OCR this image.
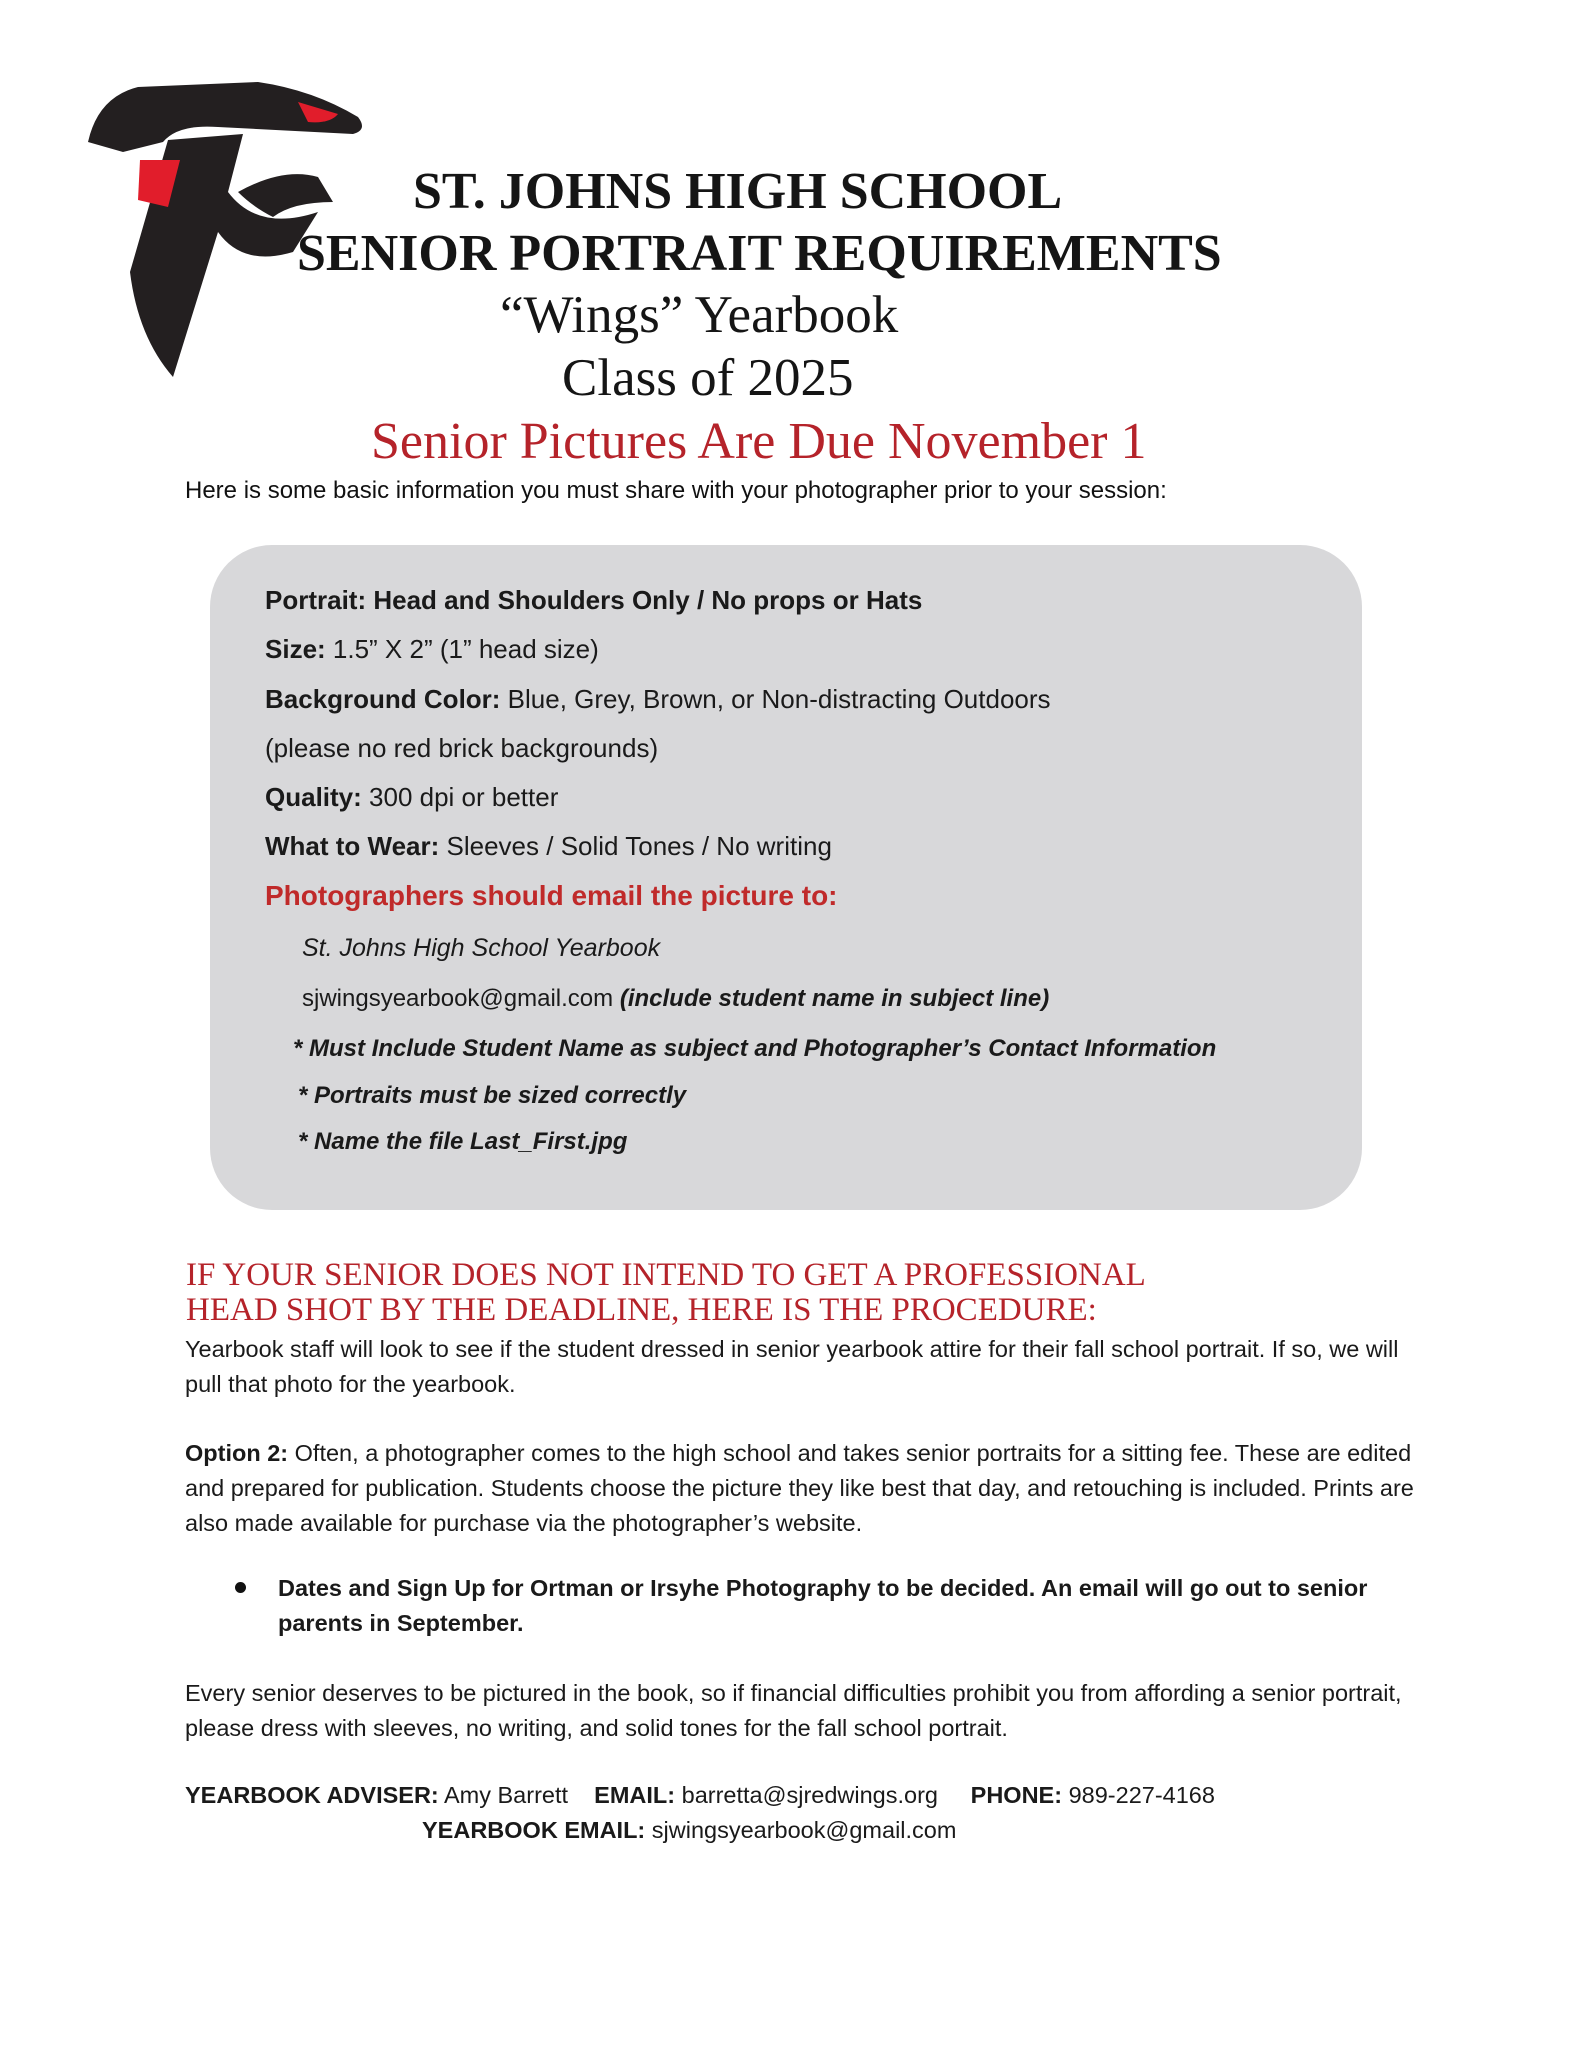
ST. JOHNS HIGH SCHOOL
SENIOR PORTRAIT REQUIREMENTS
“Wings” Yearbook
Class of 2025
Senior Pictures Are Due November 1
Here is some basic information you must share with your photographer prior to your session:
Portrait: Head and Shoulders Only / No props or Hats
Size: 1.5” X 2” (1” head size)
Background Color: Blue, Grey, Brown, or Non-distracting Outdoors
(please no red brick backgrounds)
Quality: 300 dpi or better
What to Wear: Sleeves / Solid Tones / No writing
Photographers should email the picture to:
St. Johns High School Yearbook
sjwingsyearbook@gmail.com (include student name in subject line)
* Must Include Student Name as subject and Photographer’s Contact Information
* Portraits must be sized correctly
* Name the file Last_First.jpg
IF YOUR SENIOR DOES NOT INTEND TO GET A PROFESSIONAL
HEAD SHOT BY THE DEADLINE, HERE IS THE PROCEDURE:
Yearbook staff will look to see if the student dressed in senior yearbook attire for their fall school portrait. If so, we will pull that photo for the yearbook.
Option 2: Often, a photographer comes to the high school and takes senior portraits for a sitting fee. These are edited and prepared for publication. Students choose the picture they like best that day, and retouching is included. Prints are also made available for purchase via the photographer’s website.
Dates and Sign Up for Ortman or Irsyhe Photography to be decided. An email will go out to senior parents in September.
Every senior deserves to be pictured in the book, so if financial difficulties prohibit you from affording a senior portrait, please dress with sleeves, no writing, and solid tones for the fall school portrait.
YEARBOOK ADVISER: Amy Barrett EMAIL: barretta@sjredwings.org PHONE: 989-227-4168
YEARBOOK EMAIL: sjwingsyearbook@gmail.com
